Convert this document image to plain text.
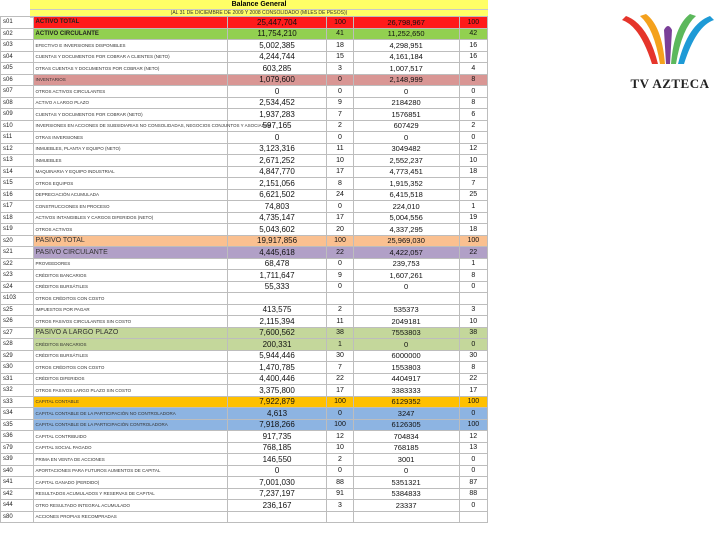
Balance General
(AL 31 DE DICIEMBRE DE 2009 Y 2008 CONSOLIDADO (MILES DE PESOS))
s01	ACTIVO TOTAL	25,447,704	100	26,798,967	100
s02	ACTIVO CIRCULANTE	11,754,210	41	11,252,650	42
s03	EFECTIVO E INVERSIONES DISPONIBLES	5,002,385	18	4,298,951	16
s04	CUENTAS Y DOCUMENTOS POR COBRAR A CLIENTES (NETO)	4,244,744	15	4,161,184	16
s05	OTRAS CUENTAS Y DOCUMENTOS POR COBRAR (NETO)	603,285	3	1,007,517	4
s06	INVENTARIOS	1,079,600	0	2,148,999	8
s07	OTROS ACTIVOS CIRCULANTES	0	0	0	0
s08	ACTIVO A LARGO PLAZO	2,534,452	9	2184280	8
s09	CUENTAS Y DOCUMENTOS POR COBRAR (NETO)	1,937,283	7	1576851	6
s10	INVERSIONES EN ACCIONES DE SUBSIDIARIAS NO CONSOLIDADAS, NEGOCIOS CONJUNTOS Y ASOCIADAS	597,165	2	607429	2
s11	OTRAS INVERSIONES	0	0	0	0
s12	INMUEBLES, PLANTA Y EQUIPO (NETO)	3,123,316	11	3049482	12
s13	INMUEBLES	2,671,252	10	2,552,237	10
s14	MAQUINARIA Y EQUIPO INDUSTRIAL	4,847,770	17	4,773,451	18
s15	OTROS EQUIPOS	2,151,056	8	1,915,352	7
s16	DEPRECIACIÓN ACUMULADA	6,621,502	24	6,415,518	25
s17	CONSTRUCCIONES EN PROCESO	74,803	0	224,010	1
s18	ACTIVOS INTANGIBLES Y CARGOS DIFERIDOS (NETO)	4,735,147	17	5,004,556	19
s19	OTROS ACTIVOS	5,043,602	20	4,337,295	18
s20	PASIVO TOTAL	19,917,856	100	25,969,030	100
s21	PASIVO CIRCULANTE	4,445,618	22	4,422,057	22
s22	PROVEEDORES	68,478	0	239,753	1
s23	CRÉDITOS BANCARIOS	1,711,647	9	1,607,261	8
s24	CRÉDITOS BURSÁTILES	55,333	0	0	0
s103	OTROS CRÉDITOS CON COSTO				
s25	IMPUESTOS POR PAGAR	413,575	2	535373	3
s26	OTROS PASIVOS CIRCULANTES SIN COSTO	2,115,394	11	2049181	10
s27	PASIVO A LARGO PLAZO	7,600,562	38	7553803	38
s28	CRÉDITOS BANCARIOS	200,331	1	0	0
s29	CRÉDITOS BURSÁTILES	5,944,446	30	6000000	30
s30	OTROS CRÉDITOS CON COSTO	1,470,785	7	1553803	8
s31	CRÉDITOS DIFERIDOS	4,400,446	22	4404917	22
s32	OTROS PASIVOS LARGO PLAZO SIN COSTO	3,375,800	17	3383333	17
s33	CAPITAL CONTABLE	7,922,879	100	6129352	100
s34	CAPITAL CONTABLE DE LA PARTICIPACIÓN NO CONTROLADORA	4,613	0	3247	0
s35	CAPITAL CONTABLE DE LA PARTICIPACIÓN CONTROLADORA	7,918,266	100	6126305	100
s36	CAPITAL CONTRIBUIDO	917,735	12	704834	12
s79	CAPITAL SOCIAL PAGADO	768,185	10	768185	13
s39	PRIMA EN VENTA DE ACCIONES	146,550	2	3001	0
s40	APORTACIONES PARA FUTUROS AUMENTOS DE CAPITAL	0	0	0	0
s41	CAPITAL GANADO (PERDIDO)	7,001,030	88	5351321	87
s42	RESULTADOS ACUMULADOS Y RESERVAS DE CAPITAL	7,237,197	91	5384833	88
s44	OTRO RESULTADO INTEGRAL ACUMULADO	236,167	3	23337	0
s80	ACCIONES PROPIAS RECOMPRADAS				
TV AZTECA
